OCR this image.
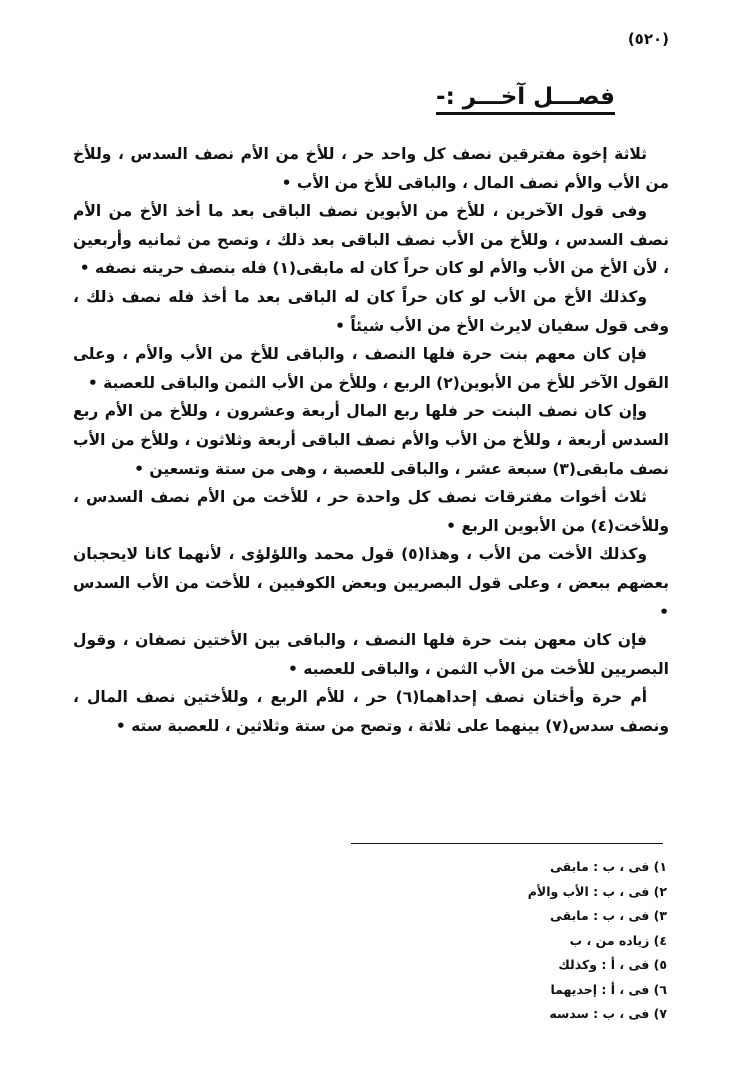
(٥٢٠)
فصـــل آخـــر :-

ثلاثة إخوة مفترقين نصف كل واحد حر ، للأخ من الأم نصف السدس ، وللأخ من الأب والأم نصف المال ، والباقى للأخ من الأب •

وفى قول الآخرين ، للأخ من الأبوين نصف الباقى بعد ما أخذ الأخ من الأم نصف السدس ، وللأخ من الأب نصف الباقى بعد ذلك ، وتصح من ثمانيه وأربعين ، لأن الأخ من الأب والأم لو كان حراً كان له مابقى(١) فله بنصف حريته نصفه •

وكذلك الأخ من الأب لو كان حراً كان له الباقى بعد ما أخذ فله نصف ذلك ، وفى قول سفيان لايرث الأخ من الأب شيئاً •

فإن كان معهم بنت حرة فلها النصف ، والباقى للأخ من الأب والأم ، وعلى القول الآخر للأخ من الأبوين(٢) الربع ، وللأخ من الأب الثمن والباقى للعصبة •

وإن كان نصف البنت حر فلها ربع المال أربعة وعشرون ، وللأخ من الأم ربع السدس أربعة ، وللأخ من الأب والأم نصف الباقى أربعة وثلاثون ، وللأخ من الأب نصف مابقى(٣) سبعة عشر ، والباقى للعصبة ، وهى من ستة وتسعين •

ثلاث أخوات مفترقات نصف كل واحدة حر ، للأخت من الأم نصف السدس ، وللأخت(٤) من الأبوين الربع •

وكذلك الأخت من الأب ، وهذا(٥) قول محمد واللؤلؤى ، لأنهما كانا لايحجبان بعضهم ببعض ، وعلى قول البصريين وبعض الكوفيين ، للأخت من الأب السدس •

فإن كان معهن بنت حرة فلها النصف ، والباقى بين الأختين نصفان ، وقول البصريين للأخت من الأب الثمن ، والباقى للعصبه •

أم حرة وأختان نصف إحداهما(٦) حر ، للأم الربع ، وللأختين نصف المال ، ونصف سدس(٧) بينهما على ثلاثة ، وتصح من ستة وثلاثين ، للعصبة سته •

١) فى ، ب : مابقى
٢) فى ، ب : الأب والأم
٣) فى ، ب : مابقى
٤) زياده من ، ب
٥) فى ، أ : وكذلك
٦) فى ، أ : إحديهما
٧) فى ، ب : سدسه
